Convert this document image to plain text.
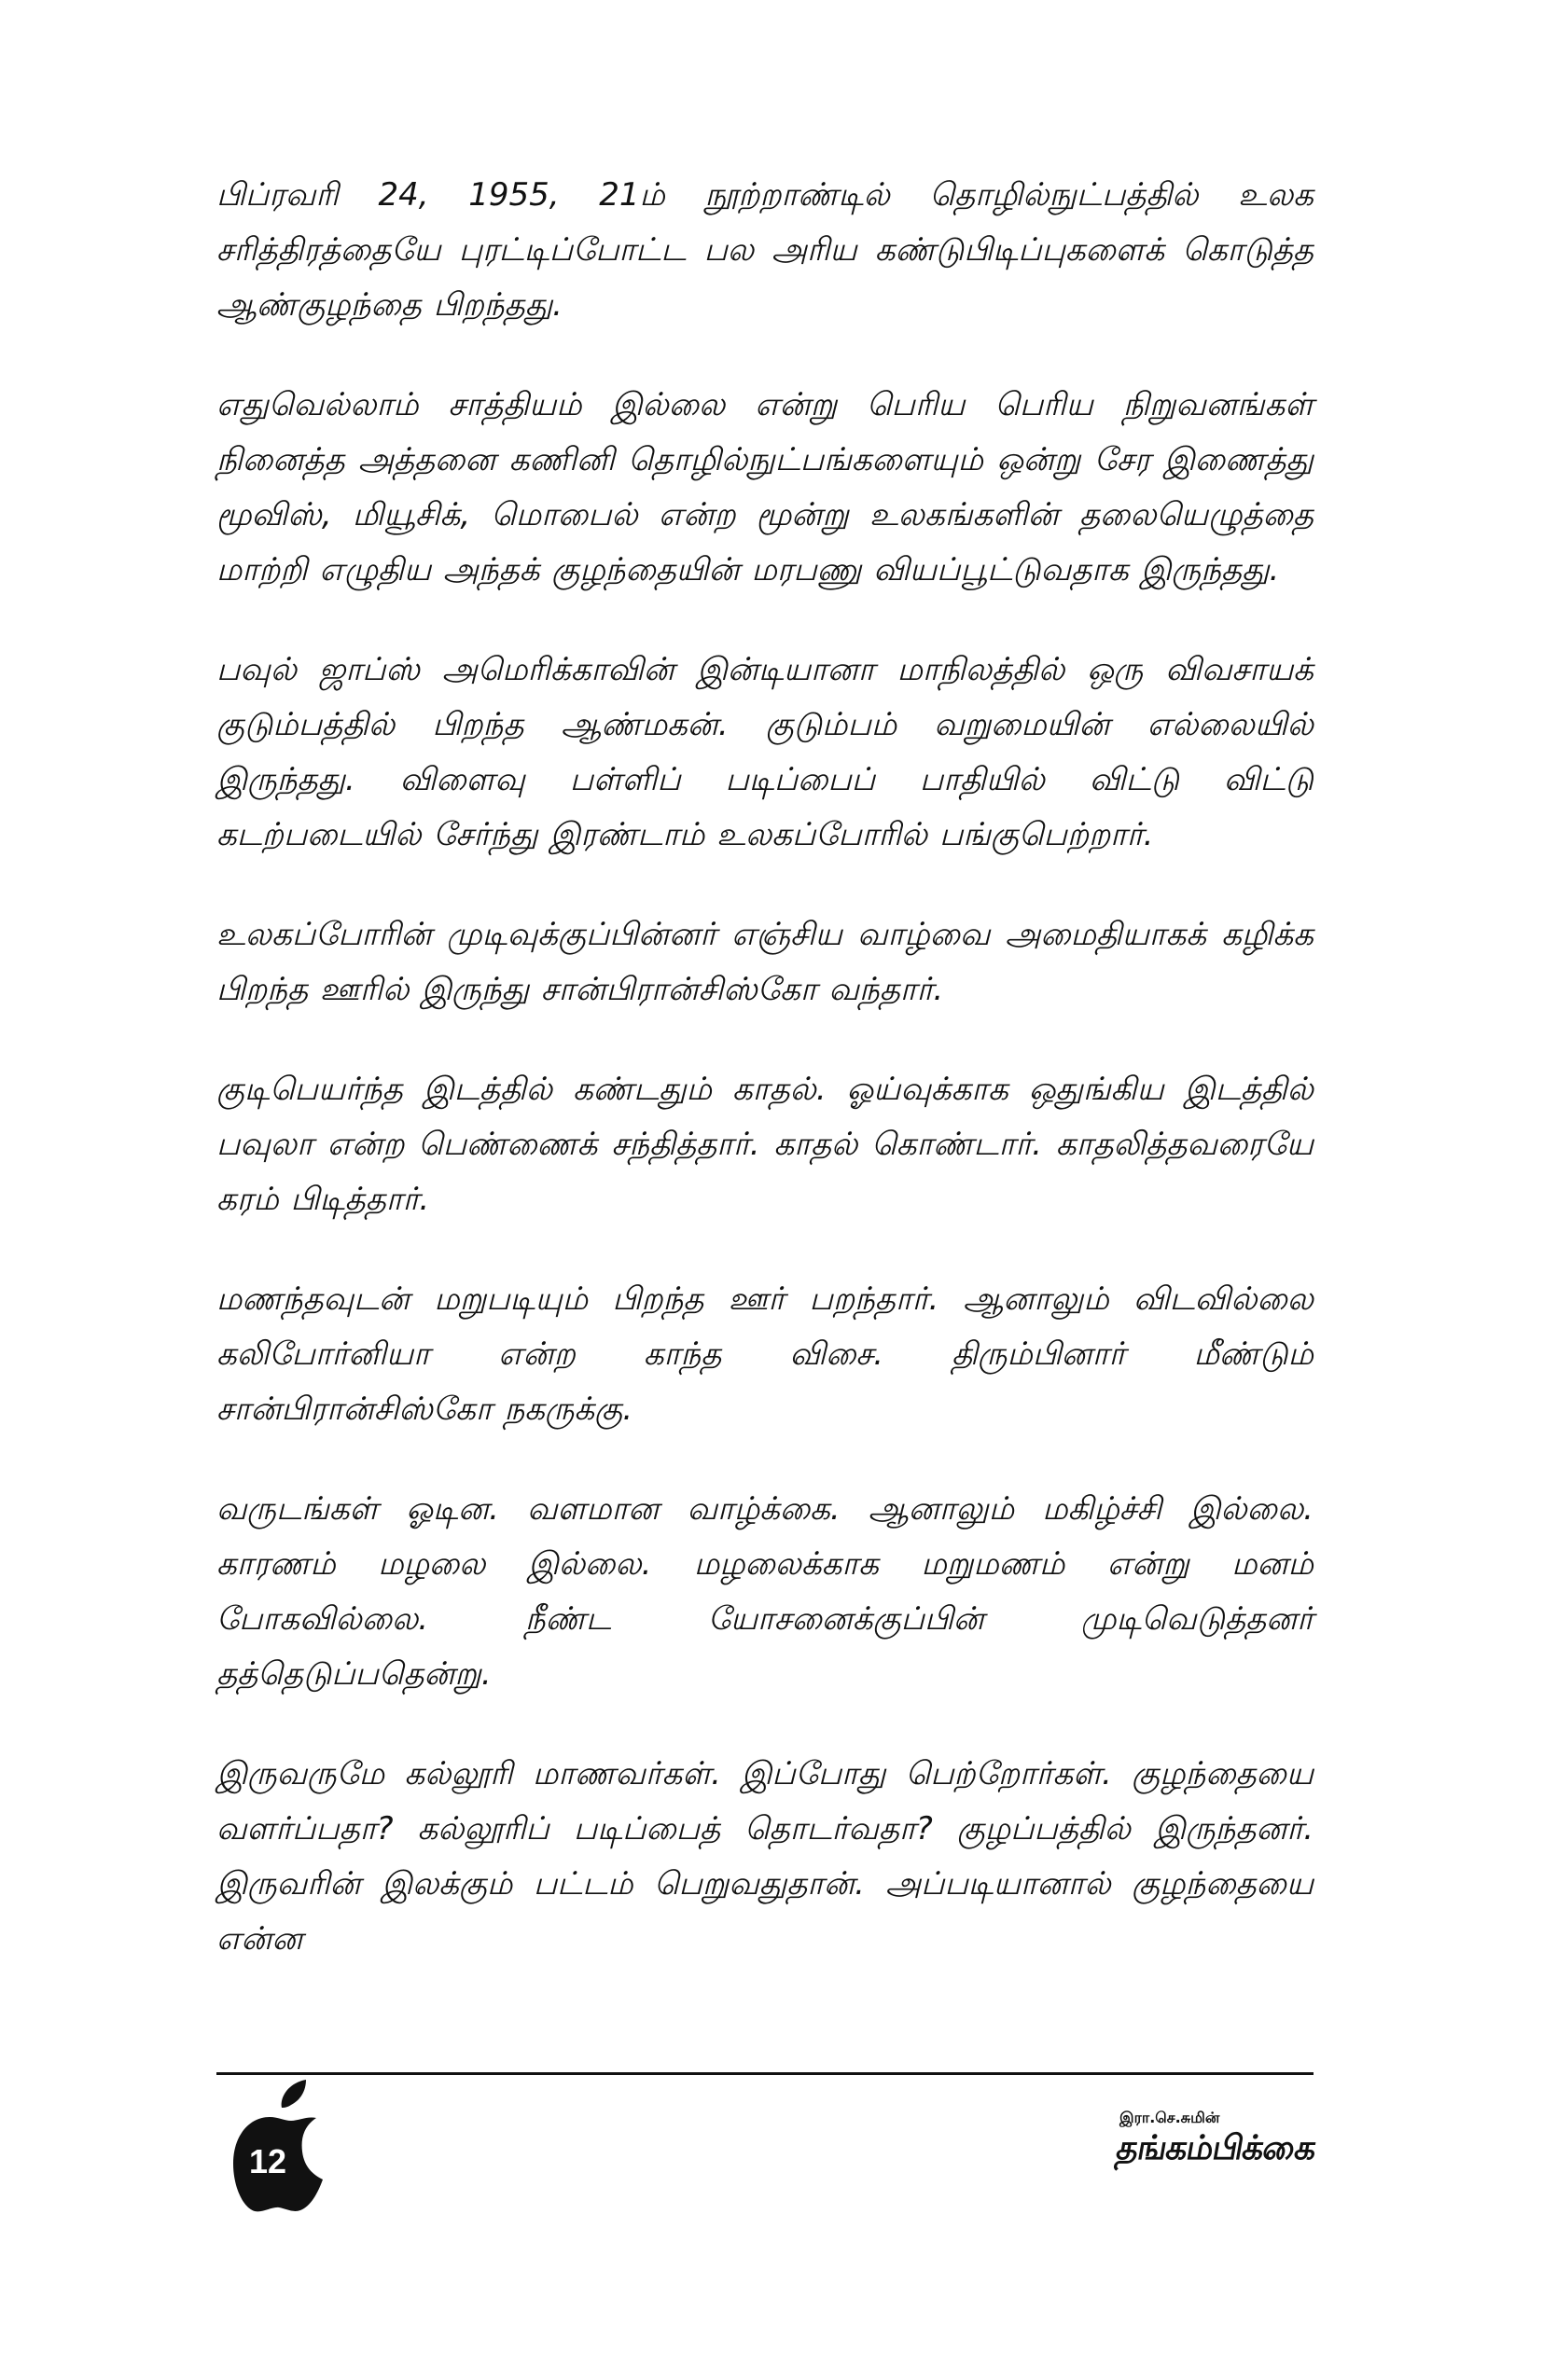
பிப்ரவரி 24, 1955, 21ம் நூற்றாண்டில் தொழில்நுட்பத்தில் உலக சரித்திரத்தையே புரட்டிப்போட்ட பல அரிய கண்டுபிடிப்புகளைக் கொடுத்த ஆண்குழந்தை பிறந்தது.

எதுவெல்லாம் சாத்தியம் இல்லை என்று பெரிய பெரிய நிறுவனங்கள் நினைத்த அத்தனை கணினி தொழில்நுட்பங்களையும் ஒன்று சேர இணைத்து மூவிஸ், மியூசிக், மொபைல் என்ற மூன்று உலகங்களின் தலையெழுத்தை மாற்றி எழுதிய அந்தக் குழந்தையின் மரபணு வியப்பூட்டுவதாக இருந்தது.

பவுல் ஜாப்ஸ் அமெரிக்காவின் இன்டியானா மாநிலத்தில் ஒரு விவசாயக் குடும்பத்தில் பிறந்த ஆண்மகன். குடும்பம் வறுமையின் எல்லையில் இருந்தது. விளைவு பள்ளிப் படிப்பைப் பாதியில் விட்டு விட்டு கடற்படையில் சேர்ந்து இரண்டாம் உலகப்போரில் பங்குபெற்றார்.

உலகப்போரின் முடிவுக்குப்பின்னர் எஞ்சிய வாழ்வை அமைதியாகக் கழிக்க பிறந்த ஊரில் இருந்து சான்பிரான்சிஸ்கோ வந்தார்.

குடிபெயர்ந்த இடத்தில் கண்டதும் காதல். ஓய்வுக்காக ஒதுங்கிய இடத்தில் பவுலா என்ற பெண்ணைக் சந்தித்தார். காதல் கொண்டார். காதலித்தவரையே கரம் பிடித்தார்.

மணந்தவுடன் மறுபடியும் பிறந்த ஊர் பறந்தார். ஆனாலும் விடவில்லை கலிபோர்னியா என்ற காந்த விசை. திரும்பினார் மீண்டும் சான்பிரான்சிஸ்கோ நகருக்கு.

வருடங்கள் ஓடின. வளமான வாழ்க்கை. ஆனாலும் மகிழ்ச்சி இல்லை. காரணம் மழலை இல்லை. மழலைக்காக மறுமணம் என்று மனம் போகவில்லை. நீண்ட யோசனைக்குப்பின் முடிவெடுத்தனர் தத்தெடுப்பதென்று.

இருவருமே கல்லூரி மாணவர்கள். இப்போது பெற்றோர்கள். குழந்தையை வளர்ப்பதா? கல்லூரிப் படிப்பைத் தொடர்வதா? குழப்பத்தில் இருந்தனர். இருவரின் இலக்கும் பட்டம் பெறுவதுதான். அப்படியானால் குழந்தையை என்ன

12
இரா.செ.சுமின்
தங்கம்பிக்கை
